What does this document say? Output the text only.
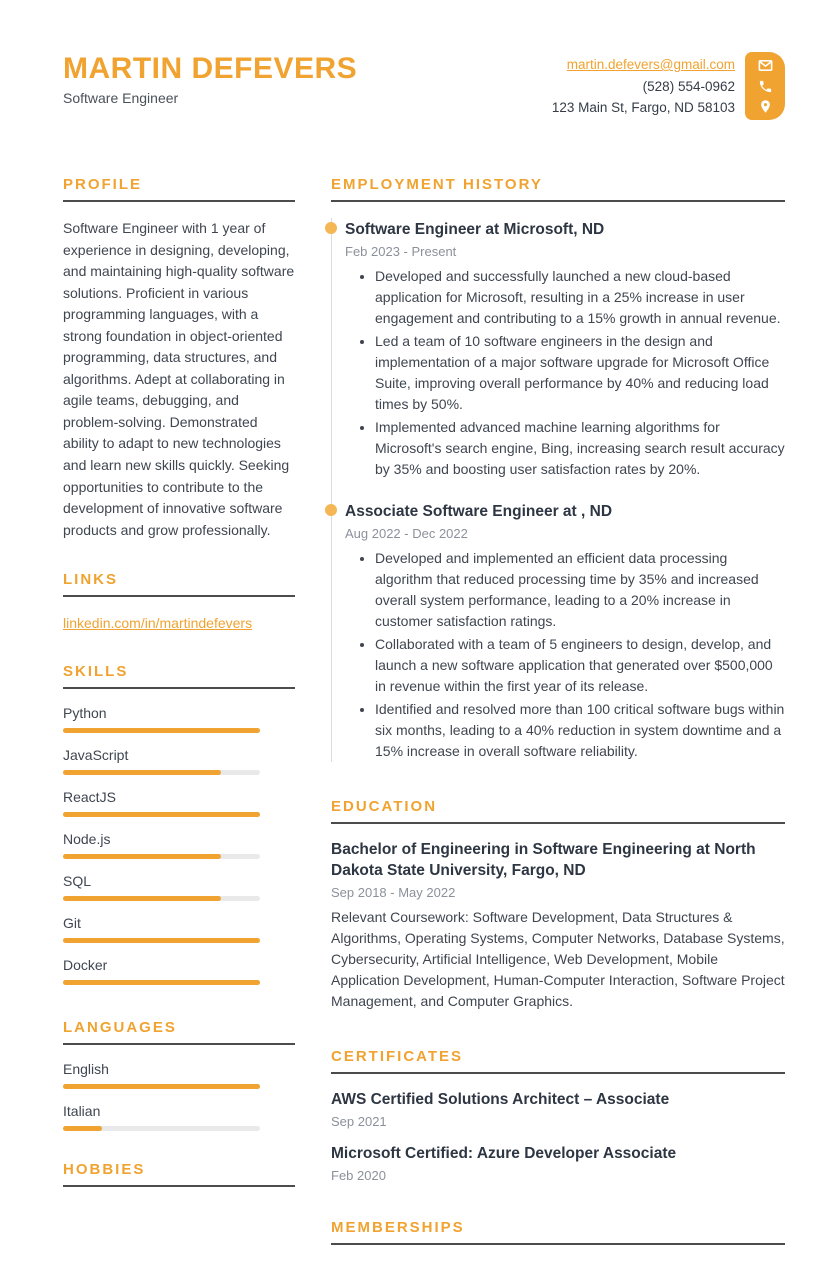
MARTIN DEFEVERS
Software Engineer
martin.defevers@gmail.com
(528) 554-0962
123 Main St, Fargo, ND 58103
PROFILE
Software Engineer with 1 year of experience in designing, developing, and maintaining high-quality software solutions. Proficient in various programming languages, with a strong foundation in object-oriented programming, data structures, and algorithms. Adept at collaborating in agile teams, debugging, and problem-solving. Demonstrated ability to adapt to new technologies and learn new skills quickly. Seeking opportunities to contribute to the development of innovative software products and grow professionally.
LINKS
linkedin.com/in/martindefevers
SKILLS
Python
JavaScript
ReactJS
Node.js
SQL
Git
Docker
LANGUAGES
English
Italian
HOBBIES
EMPLOYMENT HISTORY
Software Engineer at Microsoft, ND
Feb 2023 - Present
• Developed and successfully launched a new cloud-based application for Microsoft, resulting in a 25% increase in user engagement and contributing to a 15% growth in annual revenue.
• Led a team of 10 software engineers in the design and implementation of a major software upgrade for Microsoft Office Suite, improving overall performance by 40% and reducing load times by 50%.
• Implemented advanced machine learning algorithms for Microsoft's search engine, Bing, increasing search result accuracy by 35% and boosting user satisfaction rates by 20%.
Associate Software Engineer at , ND
Aug 2022 - Dec 2022
• Developed and implemented an efficient data processing algorithm that reduced processing time by 35% and increased overall system performance, leading to a 20% increase in customer satisfaction ratings.
• Collaborated with a team of 5 engineers to design, develop, and launch a new software application that generated over $500,000 in revenue within the first year of its release.
• Identified and resolved more than 100 critical software bugs within six months, leading to a 40% reduction in system downtime and a 15% increase in overall software reliability.
EDUCATION
Bachelor of Engineering in Software Engineering at North Dakota State University, Fargo, ND
Sep 2018 - May 2022
Relevant Coursework: Software Development, Data Structures & Algorithms, Operating Systems, Computer Networks, Database Systems, Cybersecurity, Artificial Intelligence, Web Development, Mobile Application Development, Human-Computer Interaction, Software Project Management, and Computer Graphics.
CERTIFICATES
AWS Certified Solutions Architect – Associate
Sep 2021
Microsoft Certified: Azure Developer Associate
Feb 2020
MEMBERSHIPS
